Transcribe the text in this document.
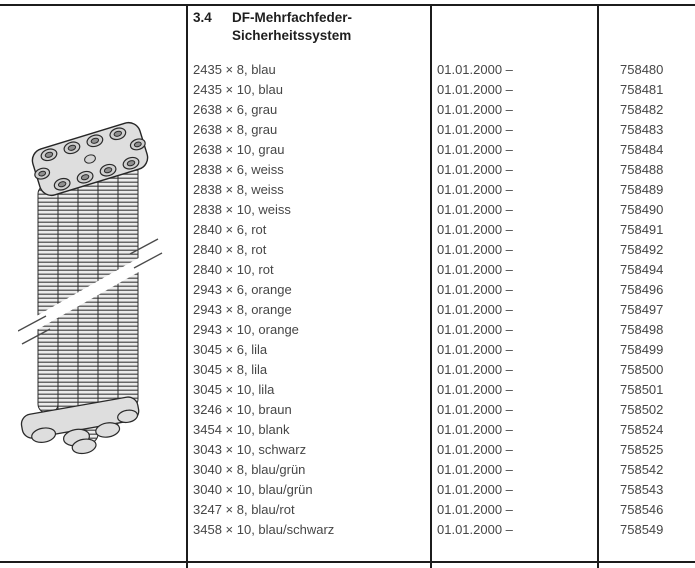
3.4	DF-Mehrfachfeder-
Sicherheitssystem
2435 × 8, blau	01.01.2000 –	758480
2435 × 10, blau	01.01.2000 –	758481
2638 × 6, grau	01.01.2000 –	758482
2638 × 8, grau	01.01.2000 –	758483
2638 × 10, grau	01.01.2000 –	758484
2838 × 6, weiss	01.01.2000 –	758488
2838 × 8, weiss	01.01.2000 –	758489
2838 × 10, weiss	01.01.2000 –	758490
2840 × 6, rot	01.01.2000 –	758491
2840 × 8, rot	01.01.2000 –	758492
2840 × 10, rot	01.01.2000 –	758494
2943 × 6, orange	01.01.2000 –	758496
2943 × 8, orange	01.01.2000 –	758497
2943 × 10, orange	01.01.2000 –	758498
3045 × 6, lila	01.01.2000 –	758499
3045 × 8, lila	01.01.2000 –	758500
3045 × 10, lila	01.01.2000 –	758501
3246 × 10, braun	01.01.2000 –	758502
3454 × 10, blank	01.01.2000 –	758524
3043 × 10, schwarz	01.01.2000 –	758525
3040 × 8, blau/grün	01.01.2000 –	758542
3040 × 10, blau/grün	01.01.2000 –	758543
3247 × 8, blau/rot	01.01.2000 –	758546
3458 × 10, blau/schwarz	01.01.2000 –	758549
